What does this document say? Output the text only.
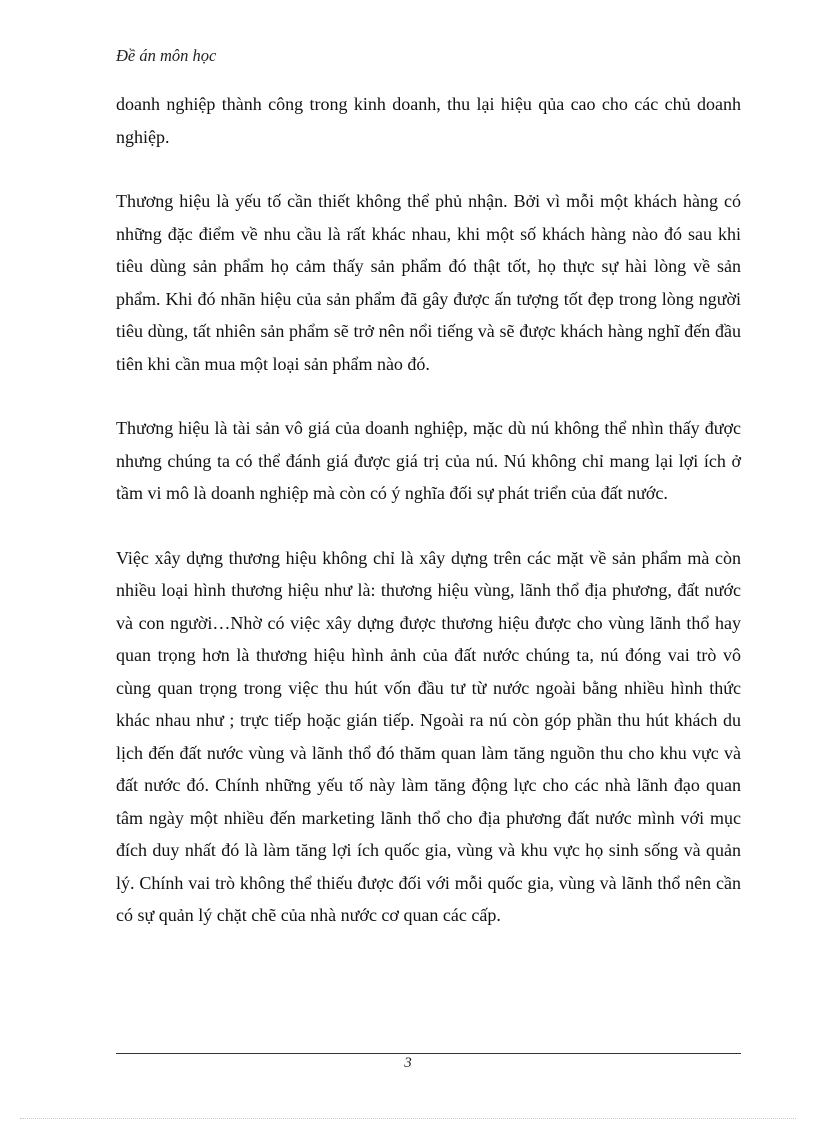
Đề án môn học

doanh nghiệp thành công trong kinh doanh, thu lại hiệu qủa cao cho các chủ doanh nghiệp.

Thương hiệu là yếu tố cần thiết không thể phủ nhận. Bởi vì mỗi một khách hàng có những đặc điểm về nhu cầu là rất khác nhau, khi một số khách hàng nào đó sau khi tiêu dùng sản phẩm họ cảm thấy sản phẩm đó thật tốt, họ thực sự hài lòng về sản phẩm. Khi đó nhãn hiệu của sản phẩm đã gây được ấn tượng tốt đẹp trong lòng người tiêu dùng, tất nhiên sản phẩm sẽ trở nên nổi tiếng và sẽ được khách hàng nghĩ đến đầu tiên khi cần mua một loại sản phẩm nào đó.

Thương hiệu là tài sản vô giá của doanh nghiệp, mặc dù nú không thể nhìn thấy được nhưng chúng ta có thể đánh giá được giá trị của nú. Nú không chỉ mang lại lợi ích ở tầm vi mô là doanh nghiệp mà còn có ý nghĩa đối sự phát triển của đất nước.

Việc xây dựng thương hiệu không chỉ là xây dựng trên các mặt về sản phẩm mà còn nhiều loại hình thương hiệu như là: thương hiệu vùng, lãnh thổ địa phương, đất nước và con người…Nhờ có việc xây dựng được thương hiệu được cho vùng lãnh thổ hay quan trọng hơn là thương hiệu hình ảnh của đất nước chúng ta, nú đóng vai trò vô cùng quan trọng trong việc thu hút vốn đầu tư từ nước ngoài bằng nhiều hình thức khác nhau như ; trực tiếp hoặc gián tiếp. Ngoài ra nú còn góp phần thu hút khách du lịch đến đất nước vùng và lãnh thổ đó thăm quan làm tăng nguồn thu cho khu vực và đất nước đó. Chính những yếu tố này làm tăng động lực cho các nhà lãnh đạo quan tâm ngày một nhiều đến marketing lãnh thổ cho địa phương đất nước mình với mục đích duy nhất đó là làm tăng lợi ích quốc gia, vùng và khu vực họ sinh sống và quản lý. Chính vai trò không thể thiếu được đối với mỗi quốc gia, vùng và lãnh thổ nên cần có sự quản lý chặt chẽ của nhà nước cơ quan các cấp.

3
